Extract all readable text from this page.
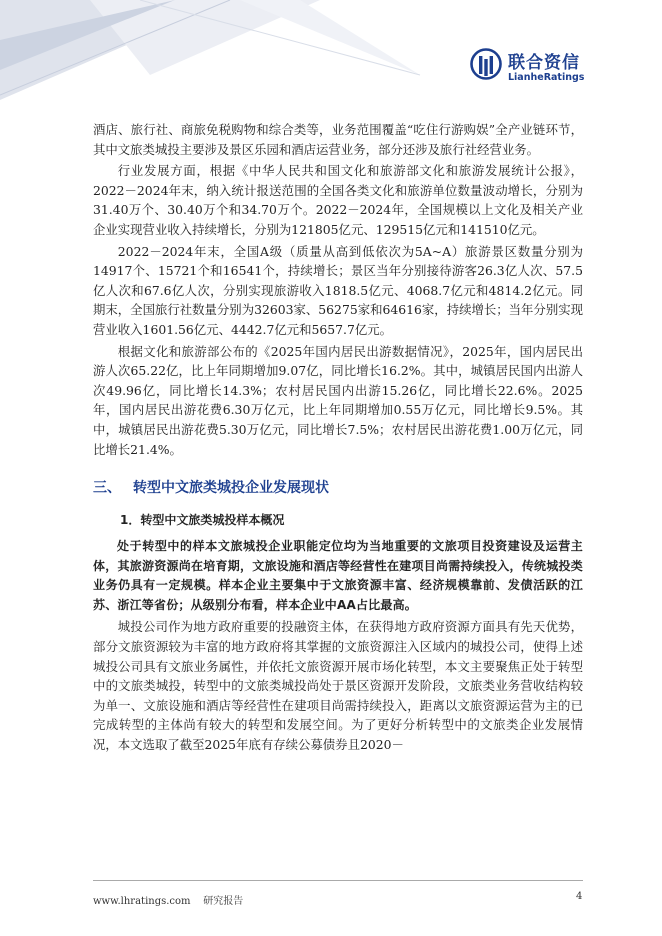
联合资信
LianheRatings

酒店、旅行社、商旅免税购物和综合类等，业务范围覆盖“吃住行游购娱”全产业链环节，其中文旅类城投主要涉及景区乐园和酒店运营业务，部分还涉及旅行社经营业务。

行业发展方面，根据《中华人民共和国文化和旅游部文化和旅游发展统计公报》，2022－2024年末，纳入统计报送范围的全国各类文化和旅游单位数量波动增长，分别为31.40万个、30.40万个和34.70万个。2022－2024年，全国规模以上文化及相关产业企业实现营业收入持续增长，分别为121805亿元、129515亿元和141510亿元。

2022－2024年末，全国A级（质量从高到低依次为5A~A）旅游景区数量分别为14917个、15721个和16541个，持续增长；景区当年分别接待游客26.3亿人次、57.5亿人次和67.6亿人次，分别实现旅游收入1818.5亿元、4068.7亿元和4814.2亿元。同期末，全国旅行社数量分别为32603家、56275家和64616家，持续增长；当年分别实现营业收入1601.56亿元、4442.7亿元和5657.7亿元。

根据文化和旅游部公布的《2025年国内居民出游数据情况》，2025年，国内居民出游人次65.22亿，比上年同期增加9.07亿，同比增长16.2%。其中，城镇居民国内出游人次49.96亿，同比增长14.3%；农村居民国内出游15.26亿，同比增长22.6%。2025年，国内居民出游花费6.30万亿元，比上年同期增加0.55万亿元，同比增长9.5%。其中，城镇居民出游花费5.30万亿元，同比增长7.5%；农村居民出游花费1.00万亿元，同比增长21.4%。

三、 转型中文旅类城投企业发展现状
1．转型中文旅类城投样本概况

处于转型中的样本文旅城投企业职能定位均为当地重要的文旅项目投资建设及运营主体，其旅游资源尚在培育期，文旅设施和酒店等经营性在建项目尚需持续投入，传统城投类业务仍具有一定规模。样本企业主要集中于文旅资源丰富、经济规模靠前、发债活跃的江苏、浙江等省份；从级别分布看，样本企业中AA占比最高。

城投公司作为地方政府重要的投融资主体，在获得地方政府资源方面具有先天优势，部分文旅资源较为丰富的地方政府将其掌握的文旅资源注入区域内的城投公司，使得上述城投公司具有文旅业务属性，并依托文旅资源开展市场化转型，本文主要聚焦正处于转型中的文旅类城投，转型中的文旅类城投尚处于景区资源开发阶段，文旅类业务营收结构较为单一、文旅设施和酒店等经营性在建项目尚需持续投入，距离以文旅资源运营为主的已完成转型的主体尚有较大的转型和发展空间。为了更好分析转型中的文旅类企业发展情况，本文选取了截至2025年底有存续公募债券且2020－

www.lhratings.com 研究报告	4
